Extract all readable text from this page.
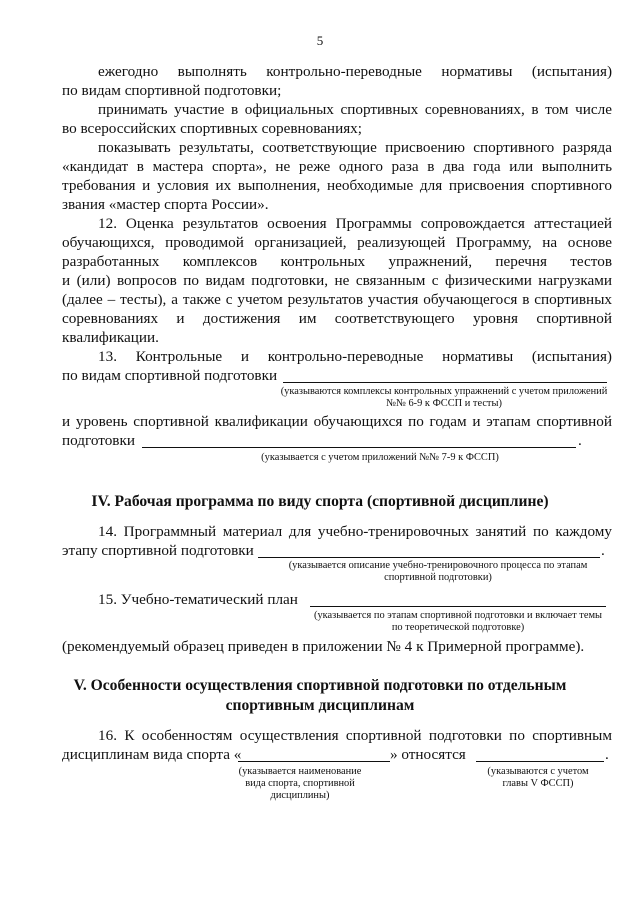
5
ежегодно выполнять контрольно-переводные нормативы (испытания)
по видам спортивной подготовки;
принимать участие в официальных спортивных соревнованиях, в том числе
во всероссийских спортивных соревнованиях;
показывать результаты, соответствующие присвоению спортивного разряда
«кандидат в мастера спорта», не реже одного раза в два года или выполнить
требования и условия их выполнения, необходимые для присвоения спортивного
звания «мастер спорта России».
12. Оценка результатов освоения Программы сопровождается аттестацией
обучающихся, проводимой организацией, реализующей Программу, на основе
разработанных комплексов контрольных упражнений, перечня тестов
и (или) вопросов по видам подготовки, не связанным с физическими нагрузками
(далее – тесты), а также с учетом результатов участия обучающегося в спортивных
соревнованиях и достижения им соответствующего уровня спортивной
квалификации.
13. Контрольные и контрольно-переводные нормативы (испытания)
по видам спортивной подготовки
(указываются комплексы контрольных упражнений с учетом приложений
№№ 6-9 к ФССП и тесты)
и уровень спортивной квалификации обучающихся по годам и этапам спортивной
подготовки	.
(указывается с учетом приложений №№ 7-9 к ФССП)
IV. Рабочая программа по виду спорта (спортивной дисциплине)
14. Программный материал для учебно-тренировочных занятий по каждому
этапу спортивной подготовки	.
(указывается описание учебно-тренировочного процесса по этапам
спортивной подготовки)
15. Учебно-тематический план
(указывается по этапам спортивной подготовки и включает темы
по теоретической подготовке)
(рекомендуемый образец приведен в приложении № 4 к Примерной программе).
V. Особенности осуществления спортивной подготовки по отдельным
спортивным дисциплинам
16. К особенностям осуществления спортивной подготовки по спортивным
дисциплинам вида спорта «	» относятся	.
(указывается наименование
вида спорта, спортивной
дисциплины)
(указываются с учетом
главы V ФССП)
